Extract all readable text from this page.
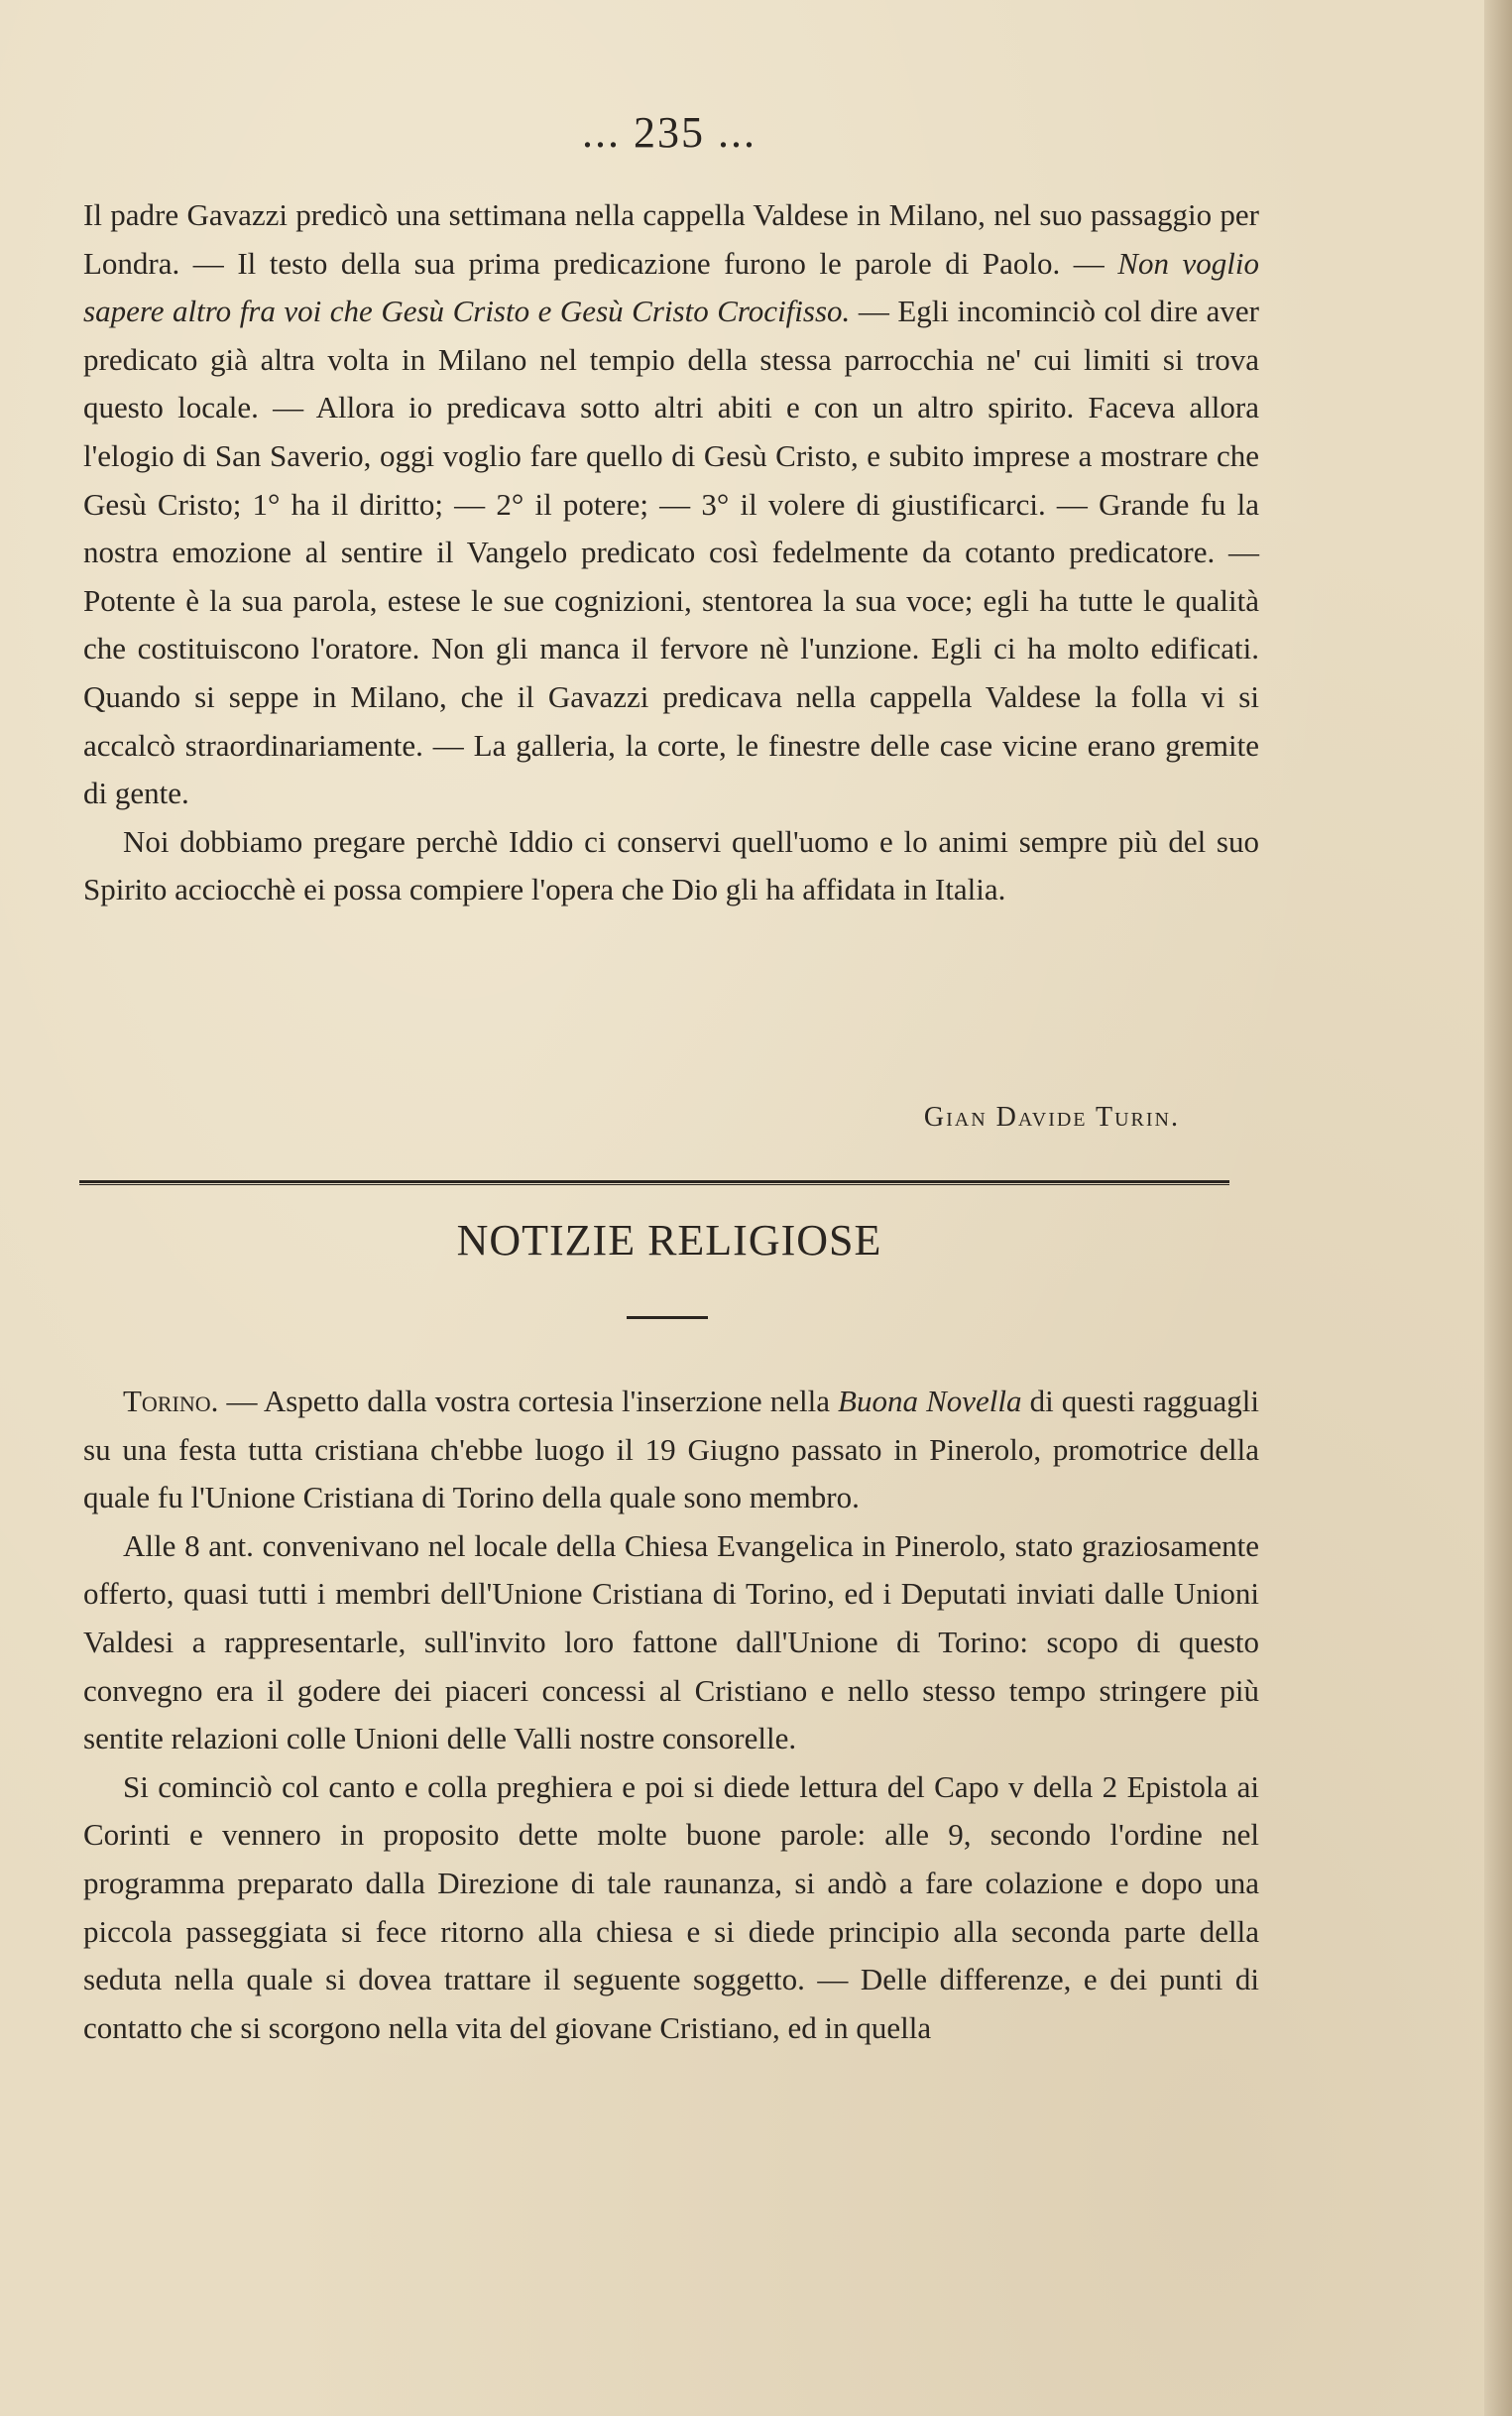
... 235 ...

Il padre Gavazzi predicò una settimana nella cappella Valdese in Milano, nel suo passaggio per Londra. — Il testo della sua prima predicazione furono le parole di Paolo. — Non voglio sapere altro fra voi che Gesù Cristo e Gesù Cristo Crocifisso. — Egli incominciò col dire aver predicato già altra volta in Milano nel tempio della stessa parrocchia ne' cui limiti si trova questo locale. — Allora io predicava sotto altri abiti e con un altro spirito. Faceva allora l'elogio di San Saverio, oggi voglio fare quello di Gesù Cristo, e subito imprese a mostrare che Gesù Cristo; 1° ha il diritto; — 2° il potere; — 3° il volere di giustificarci. — Grande fu la nostra emozione al sentire il Vangelo predicato così fedelmente da cotanto predicatore. — Potente è la sua parola, estese le sue cognizioni, stentorea la sua voce; egli ha tutte le qualità che costituiscono l'oratore. Non gli manca il fervore nè l'unzione. Egli ci ha molto edificati. Quando si seppe in Milano, che il Gavazzi predicava nella cappella Valdese la folla vi si accalcò straordinariamente. — La galleria, la corte, le finestre delle case vicine erano gremite di gente.

Noi dobbiamo pregare perchè Iddio ci conservi quell'uomo e lo animi sempre più del suo Spirito acciocchè ei possa compiere l'opera che Dio gli ha affidata in Italia.

Gian Davide Turin.
NOTIZIE RELIGIOSE

Torino. — Aspetto dalla vostra cortesia l'inserzione nella Buona Novella di questi ragguagli su una festa tutta cristiana ch'ebbe luogo il 19 Giugno passato in Pinerolo, promotrice della quale fu l'Unione Cristiana di Torino della quale sono membro.

Alle 8 ant. convenivano nel locale della Chiesa Evangelica in Pinerolo, stato graziosamente offerto, quasi tutti i membri dell'Unione Cristiana di Torino, ed i Deputati inviati dalle Unioni Valdesi a rappresentarle, sull'invito loro fattone dall'Unione di Torino: scopo di questo convegno era il godere dei piaceri concessi al Cristiano e nello stesso tempo stringere più sentite relazioni colle Unioni delle Valli nostre consorelle.

Si cominciò col canto e colla preghiera e poi si diede lettura del Capo v della 2 Epistola ai Corinti e vennero in proposito dette molte buone parole: alle 9, secondo l'ordine nel programma preparato dalla Direzione di tale raunanza, si andò a fare colazione e dopo una piccola passeggiata si fece ritorno alla chiesa e si diede principio alla seconda parte della seduta nella quale si dovea trattare il seguente soggetto. — Delle differenze, e dei punti di contatto che si scorgono nella vita del giovane Cristiano, ed in quella
